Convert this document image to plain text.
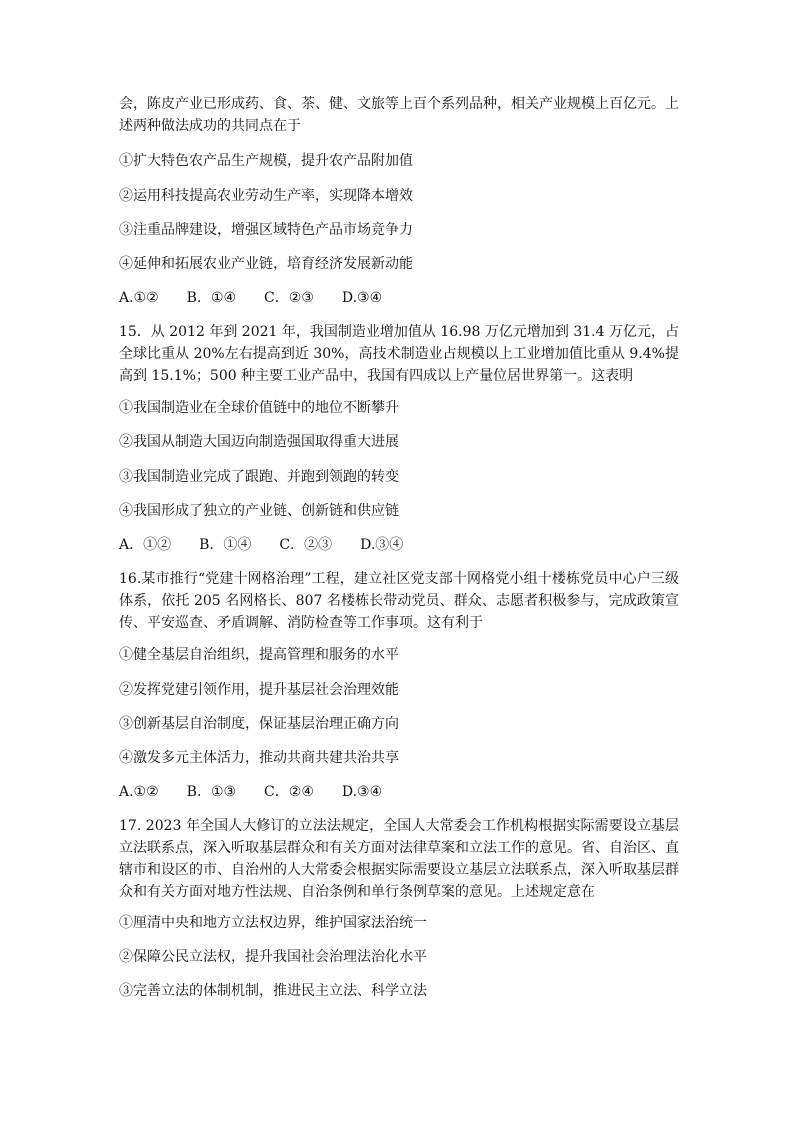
会，陈皮产业已形成药、食、茶、健、文旅等上百个系列品种，相关产业规模上百亿元。上述两种做法成功的共同点在于
①扩大特色农产品生产规模，提升农产品附加值
②运用科技提高农业劳动生产率，实现降本增效
③注重品牌建设，增强区域特色产品市场竞争力
④延伸和拓展农业产业链，培育经济发展新动能
A.①②　　B．①④　　C．②③　　D.③④
15．从 2012 年到 2021 年，我国制造业增加值从 16.98 万亿元增加到 31.4 万亿元，占全球比重从 20%左右提高到近 30%，高技术制造业占规模以上工业增加值比重从 9.4%提高到 15.1%；500 种主要工业产品中，我国有四成以上产量位居世界第一。这表明
①我国制造业在全球价值链中的地位不断攀升
②我国从制造大国迈向制造强国取得重大进展
③我国制造业完成了跟跑、并跑到领跑的转变
④我国形成了独立的产业链、创新链和供应链
A．①②　　B．①④　　C．②③　　D.③④
16.某市推行“党建十网格治理”工程，建立社区党支部十网格党小组十楼栋党员中心户三级体系，依托 205 名网格长、807 名楼栋长带动党员、群众、志愿者积极参与，完成政策宣传、平安巡查、矛盾调解、消防检查等工作事项。这有利于
①健全基层自治组织，提高管理和服务的水平
②发挥党建引领作用，提升基层社会治理效能
③创新基层自治制度，保证基层治理正确方向
④激发多元主体活力，推动共商共建共治共享
A.①②　　B．①③　　C．②④　　D.③④
17. 2023 年全国人大修订的立法法规定，全国人大常委会工作机构根据实际需要设立基层立法联系点，深入听取基层群众和有关方面对法律草案和立法工作的意见。省、自治区、直辖市和设区的市、自治州的人大常委会根据实际需要设立基层立法联系点，深入听取基层群众和有关方面对地方性法规、自治条例和单行条例草案的意见。上述规定意在
①厘清中央和地方立法权边界，维护国家法治统一
②保障公民立法权，提升我国社会治理法治化水平
③完善立法的体制机制，推进民主立法、科学立法
